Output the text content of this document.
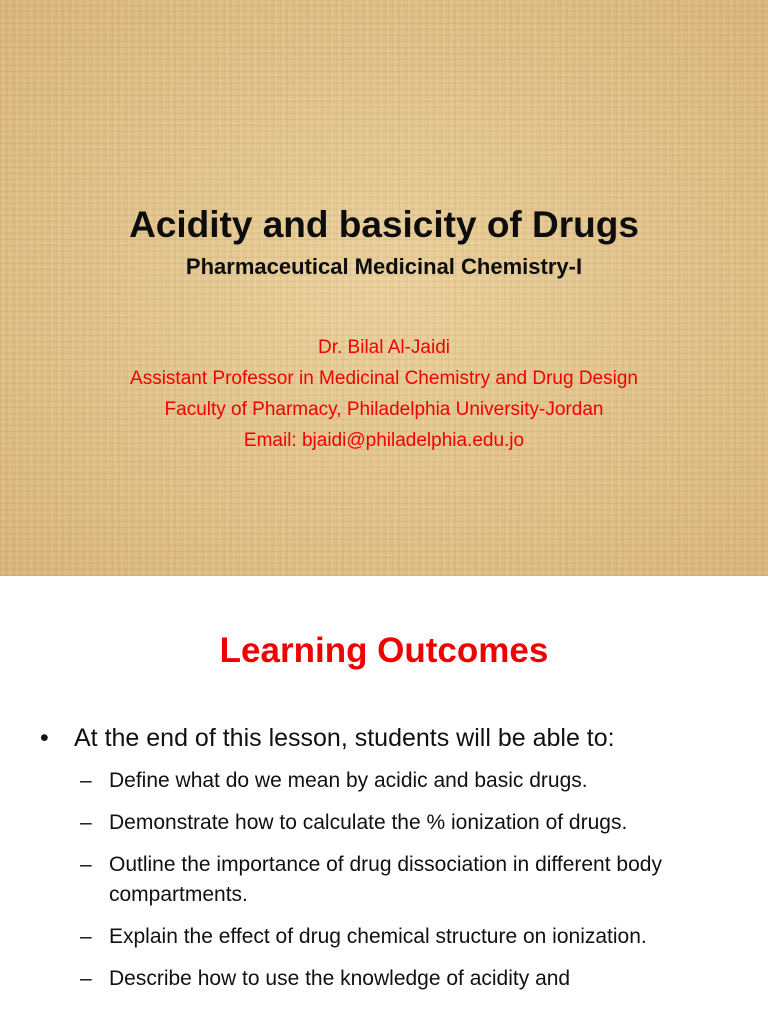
Acidity and basicity of Drugs
Pharmaceutical Medicinal Chemistry-I
Dr. Bilal Al-Jaidi
Assistant Professor in Medicinal Chemistry and Drug Design
Faculty of Pharmacy, Philadelphia University-Jordan
Email: bjaidi@philadelphia.edu.jo
Learning Outcomes
• At the end of this lesson, students will be able to:
– Define what do we mean by acidic and basic drugs.
– Demonstrate how to calculate the % ionization of drugs.
– Outline the importance of drug dissociation in different body compartments.
– Explain the effect of drug chemical structure on ionization.
– Describe how to use the knowledge of acidity and
